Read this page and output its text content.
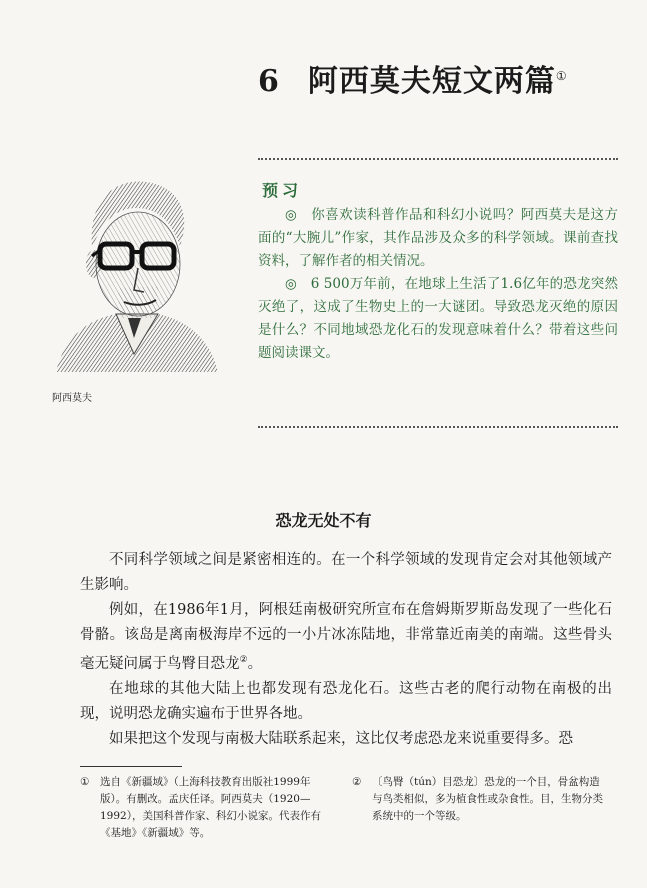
6 阿西莫夫短文两篇①
阿西莫夫
预习

◎　你喜欢读科普作品和科幻小说吗？阿西莫夫是这方面的“大腕儿”作家，其作品涉及众多的科学领域。课前查找资料，了解作者的相关情况。

◎　6 500万年前，在地球上生活了1.6亿年的恐龙突然灭绝了，这成了生物史上的一大谜团。导致恐龙灭绝的原因是什么？不同地域恐龙化石的发现意味着什么？带着这些问题阅读课文。

恐龙无处不有

不同科学领域之间是紧密相连的。在一个科学领域的发现肯定会对其他领域产生影响。

例如，在1986年1月，阿根廷南极研究所宣布在詹姆斯罗斯岛发现了一些化石骨骼。该岛是离南极海岸不远的一小片冰冻陆地，非常靠近南美的南端。这些骨头毫无疑问属于鸟臀目恐龙②。

在地球的其他大陆上也都发现有恐龙化石。这些古老的爬行动物在南极的出现，说明恐龙确实遍布于世界各地。

如果把这个发现与南极大陆联系起来，这比仅考虑恐龙来说重要得多。恐

①	选自《新疆域》（上海科技教育出版社1999年版）。有删改。孟庆任译。阿西莫夫（1920—1992），美国科普作家、科幻小说家。代表作有《基地》《新疆域》等。
②	〔鸟臀（tún）目恐龙〕恐龙的一个目，骨盆构造与鸟类相似，多为植食性或杂食性。目，生物分类系统中的一个等级。
